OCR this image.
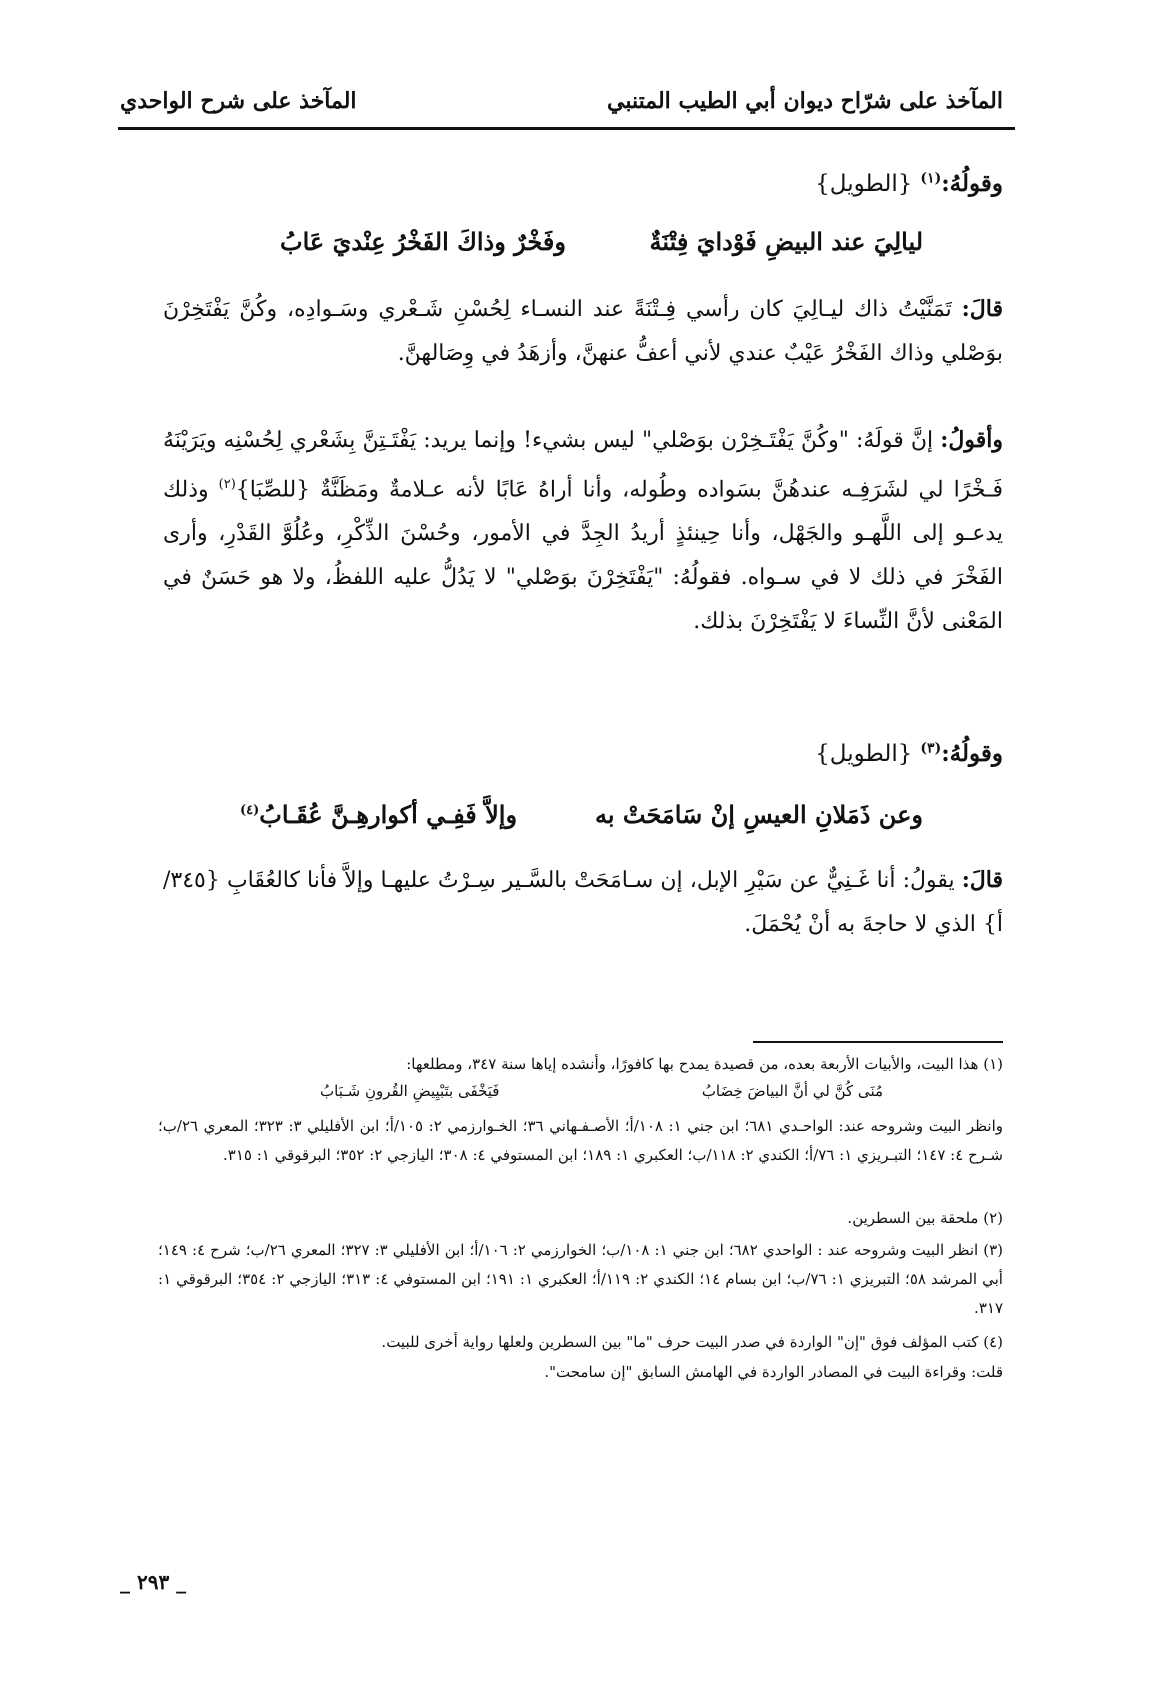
المآخذ على شرّاح ديوان أبي الطيب المتنبي
المآخذ على شرح الواحدي
وقولُهُ:$^{(١)}$ {الطويل}
ليالِيَ عند البيضِ فَوْدايَ فِتْنَةٌ
وفَخْرٌ وذاكَ الفَخْرُ عِنْديَ عَابُ
قالَ: تَمَنَّيْتُ ذاك ليـالِيَ كان رأسي فِـتْنَةً عند النسـاء لِحُسْنِ شَـعْري وسَـوادِه، وكُنَّ يَفْتَخِرْنَ بوَصْلي وذاك الفَخْرُ عَيْبٌ عندي لأني أعفُّ عنهنَّ، وأزهَدُ في وِصَالهنَّ.
وأقولُ: إنَّ قولَهُ: "وكُنَّ يَفْتَـخِرْن بوَصْلي" ليس بشيء! وإنما يريد: يَفْتَـتِنَّ بِشَعْري لِحُسْنِه ويَرَيْنَهُ فَـخْرًا لي لشَرَفِـه عندهُنَّ بسَواده وطُوله، وأنا أراهُ عَابًا لأنه عـلامةٌ ومَظَنَّةٌ {للصِّبَا}$^{(٢)}$ وذلك يدعـو إلى اللَّهـو والجَهْل، وأنا حِينئذٍ أريدُ الجِدَّ في الأمور، وحُسْنَ الذِّكْرِ، وعُلُوَّ القَدْرِ، وأرى الفَخْرَ في ذلك لا في سـواه. فقولُهُ: "يَفْتَخِرْنَ بوَصْلي" لا يَدُلُّ عليه اللفظُ، ولا هو حَسَنٌ في المَعْنى لأنَّ النِّساءَ لا يَفْتَخِرْنَ بذلك.
وقولُهُ:$^{(٣)}$ {الطويل}
وعن ذَمَلانِ العيسِ إنْ سَامَحَتْ به
وإلاَّ فَفِـي أكوارهِـنَّ عُقَـابُ$^{(٤)}$
قالَ: يقولُ: أنا غَـنِيٌّ عن سَيْرِ الإبل، إن سـامَحَتْ بالسَّـير سِـرْتُ عليهـا وإلاَّ فأنا كالعُقَابِ {٣٤٥/أ} الذي لا حاجةَ به أنْ يُحْمَلَ.
(١) هذا البيت، والأبيات الأربعة بعده، من قصيدة يمدح بها كافورًا، وأنشده إياها سنة ٣٤٧، ومطلعها:
مُنَى كُنَّ لي أنَّ البياضَ خِضَابُ
فَيَخْفَى بتَبْيِيضِ القُرونِ شَـبَابُ
وانظر البيت وشروحه عند: الواحـدي ٦٨١؛ ابن جني ١: ١٠٨/أ؛ الأصـفـهاني ٣٦؛ الخـوارزمي ٢: ١٠٥/أ؛ ابن الأفليلي ٣: ٣٢٣؛ المعري ٢٦/ب؛ شـرح ٤: ١٤٧؛ التبـريزي ١: ٧٦/أ؛ الكندي ٢: ١١٨/ب؛ العكبري ١: ١٨٩؛ ابن المستوفي ٤: ٣٠٨؛ اليازجي ٢: ٣٥٢؛ البرقوقي ١: ٣١٥.
(٢) ملحقة بين السطرين.
(٣) انظر البيت وشروحه عند : الواحدي ٦٨٢؛ ابن جني ١: ١٠٨/ب؛ الخوارزمي ٢: ١٠٦/أ؛ ابن الأفليلي ٣: ٣٢٧؛ المعري ٢٦/ب؛ شرح ٤: ١٤٩؛ أبي المرشد ٥٨؛ التبريزي ١: ٧٦/ب؛ ابن بسام ١٤؛ الكندي ٢: ١١٩/أ؛ العكبري ١: ١٩١؛ ابن المستوفي ٤: ٣١٣؛ اليازجي ٢: ٣٥٤؛ البرقوقي ١: ٣١٧.
(٤) كتب المؤلف فوق "إن" الواردة في صدر البيت حرف "ما" بين السطرين ولعلها رواية أخرى للبيت.
قلت: وقراءة البيت في المصادر الواردة في الهامش السابق "إن سامحت".
_ ٢٩٣ _
